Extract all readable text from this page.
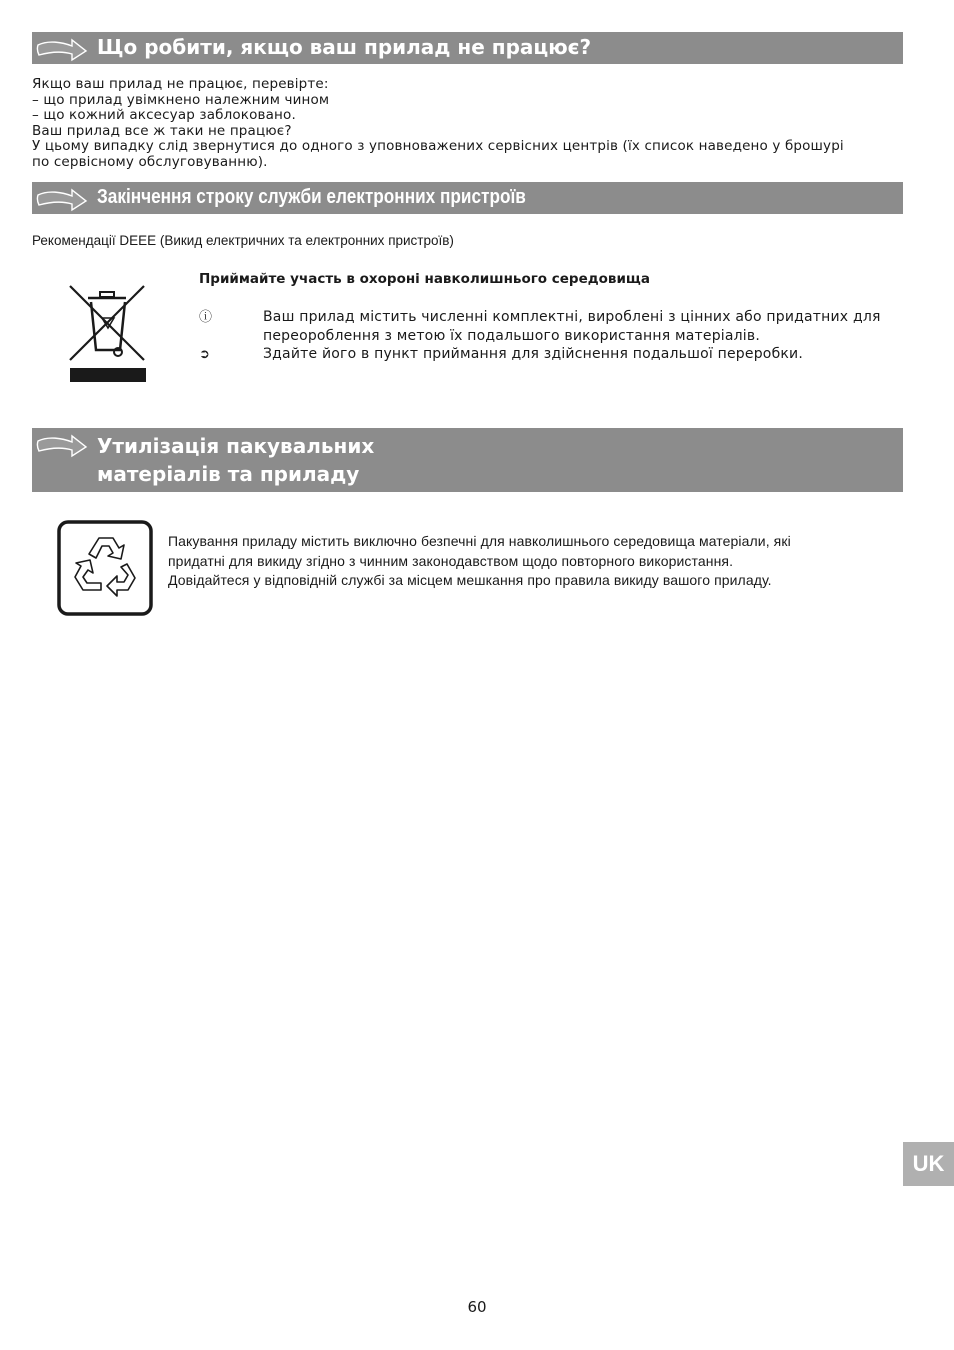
Що робити, якщо ваш прилад не працює?
Якщо ваш прилад не працює, перевірте:
– що прилад увімкнено належним чином
– що кожний аксесуар заблоковано.
Ваш прилад все ж таки не працює?
У цьому випадку слід звернутися до одного з уповноважених сервісних центрів (їх список наведено у брошурі
по сервісному обслуговуванню).
Закінчення строку служби електронних пристроїв
Рекомендації DEEE (Викид електричних та електронних пристроїв)
Приймайте участь в охороні навколишнього середовища
ⓘ	Ваш прилад містить численні комплектні, вироблені з цінних або придатних для переороблення з метою їх подальшого використання матеріалів.
➲	Здайте його в пункт приймання для здійснення подальшої переробки.
Утилізація пакувальних
матеріалів та приладу
Пакування приладу містить виключно безпечні для навколишнього середовища матеріали, які
придатні для викиду згідно з чинним законодавством щодо повторного використання.
Довідайтеся у відповідній службі за місцем мешкання про правила викиду вашого приладу.
UK
60
